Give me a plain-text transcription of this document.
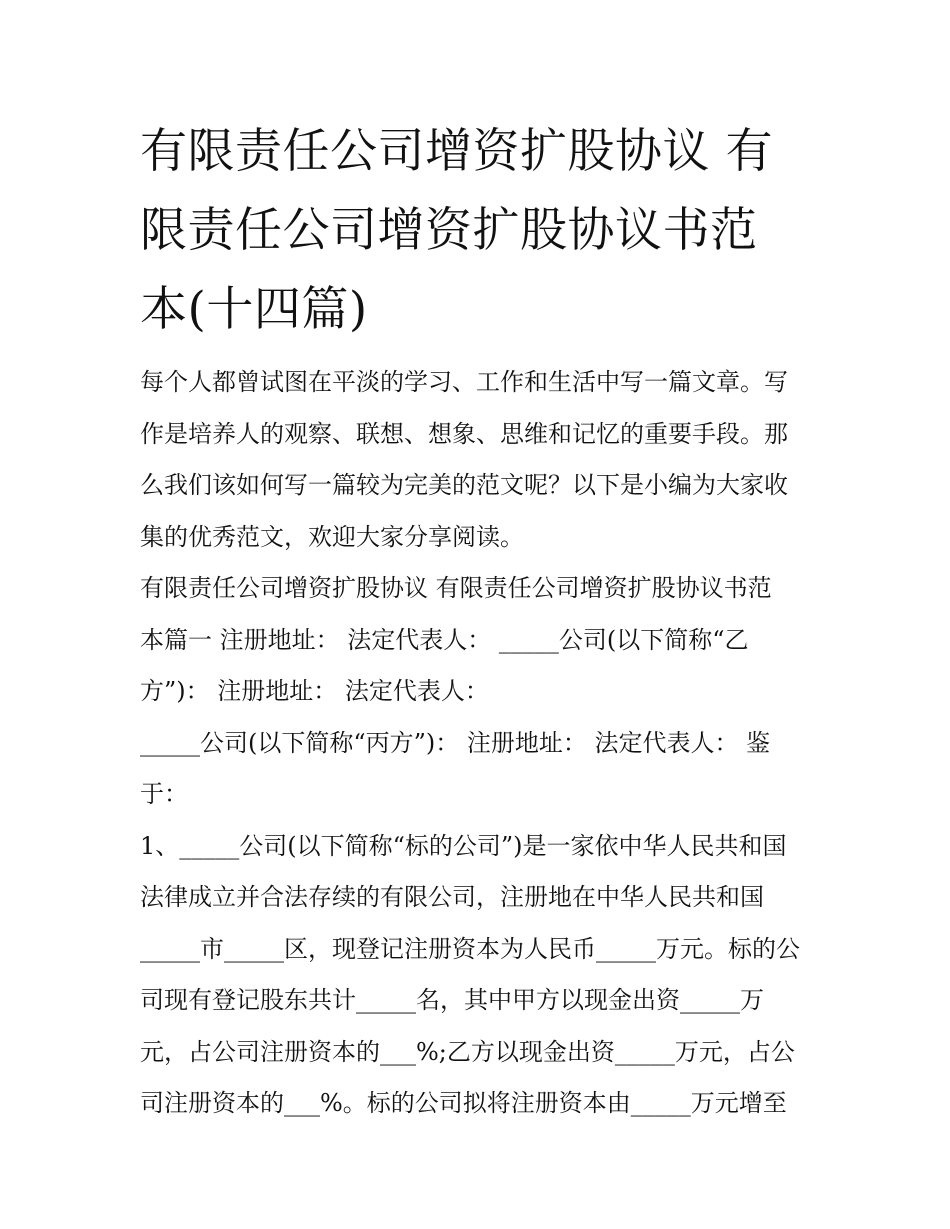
有限责任公司增资扩股协议 有
限责任公司增资扩股协议书范
本(十四篇)
每个人都曾试图在平淡的学习、工作和生活中写一篇文章。写
作是培养人的观察、联想、想象、思维和记忆的重要手段。那
么我们该如何写一篇较为完美的范文呢？以下是小编为大家收
集的优秀范文，欢迎大家分享阅读。
有限责任公司增资扩股协议 有限责任公司增资扩股协议书范
本篇一 注册地址： 法定代表人： _____公司(以下简称“乙
方”)： 注册地址： 法定代表人：
_____公司(以下简称“丙方”)： 注册地址： 法定代表人： 鉴
于：
1、_____公司(以下简称“标的公司”)是一家依中华人民共和国
法律成立并合法存续的有限公司，注册地在中华人民共和国
_____市_____区，现登记注册资本为人民币_____万元。标的公
司现有登记股东共计_____名，其中甲方以现金出资_____万
元，占公司注册资本的___%;乙方以现金出资_____万元，占公
司注册资本的___%。标的公司拟将注册资本由_____万元增至
